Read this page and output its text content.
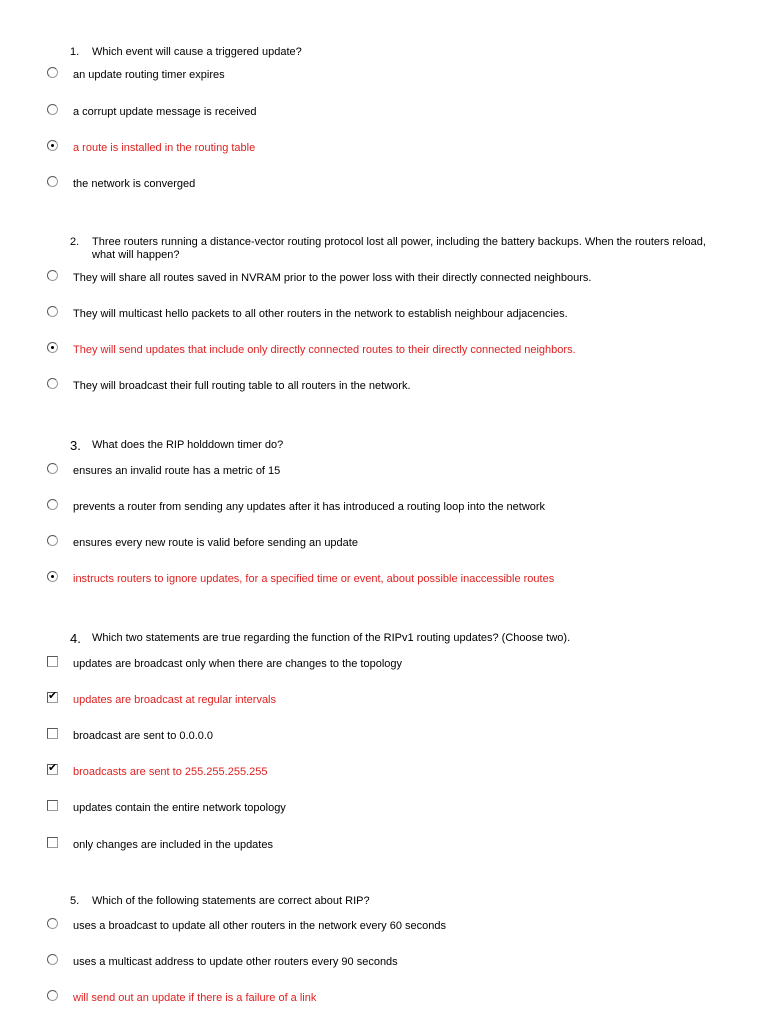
1. Which event will cause a triggered update?
an update routing timer expires
a corrupt update message is received
a route is installed in the routing table
the network is converged
2. Three routers running a distance-vector routing protocol lost all power, including the battery backups. When the routers reload, what will happen?
They will share all routes saved in NVRAM prior to the power loss with their directly connected neighbours.
They will multicast hello packets to all other routers in the network to establish neighbour adjacencies.
They will send updates that include only directly connected routes to their directly connected neighbors.
They will broadcast their full routing table to all routers in the network.
3. What does the RIP holddown timer do?
ensures an invalid route has a metric of 15
prevents a router from sending any updates after it has introduced a routing loop into the network
ensures every new route is valid before sending an update
instructs routers to ignore updates, for a specified time or event, about possible inaccessible routes
4. Which two statements are true regarding the function of the RIPv1 routing updates? (Choose two).
updates are broadcast only when there are changes to the topology
✔ updates are broadcast at regular intervals
broadcast are sent to 0.0.0.0
✔ broadcasts are sent to 255.255.255.255
updates contain the entire network topology
only changes are included in the updates
5. Which of the following statements are correct about RIP?
uses a broadcast to update all other routers in the network every 60 seconds
uses a multicast address to update other routers every 90 seconds
will send out an update if there is a failure of a link
